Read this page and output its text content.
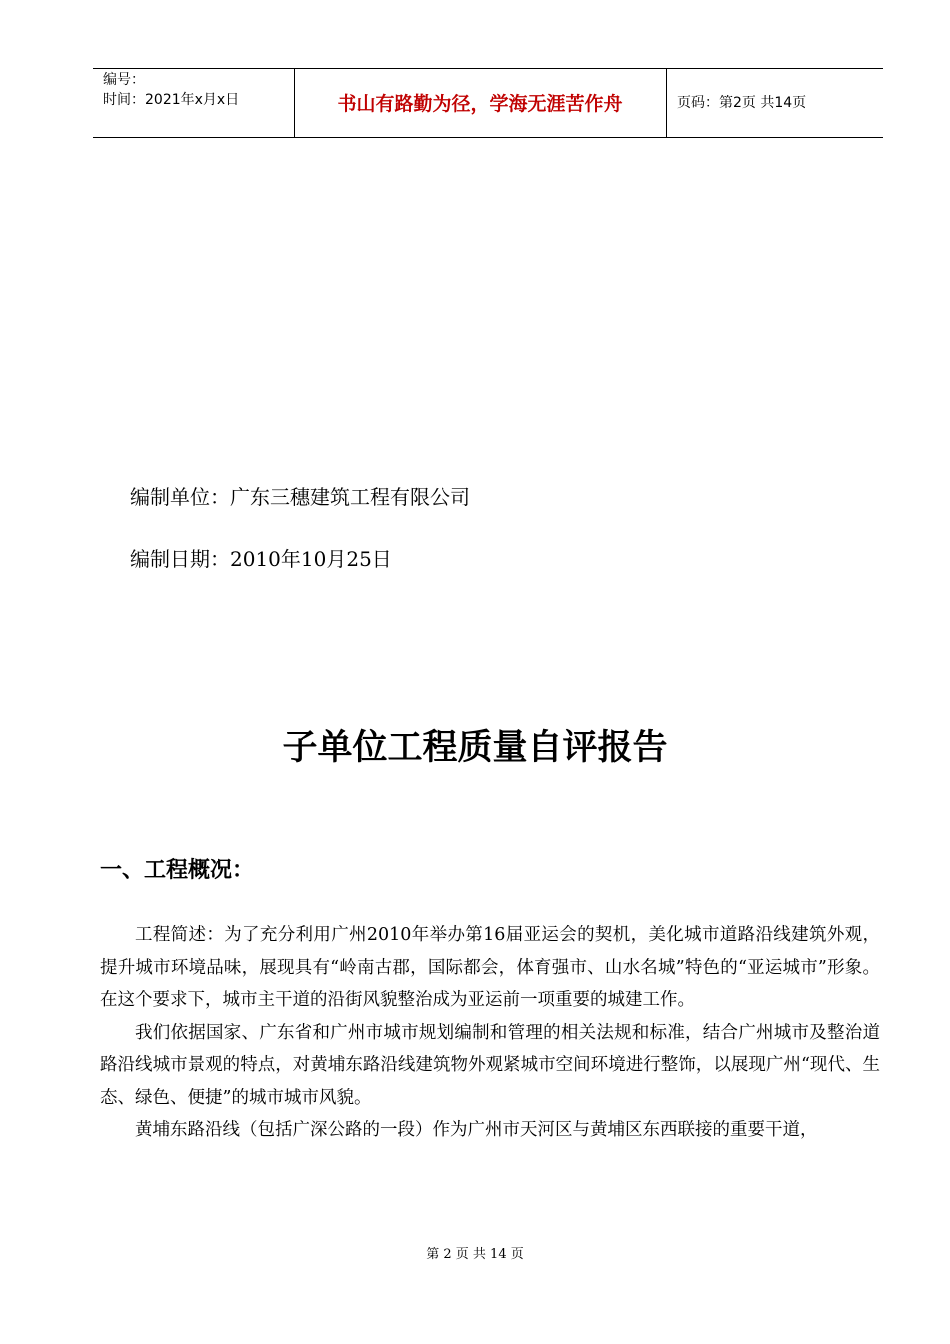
编号：
时间：2021年x月x日	书山有路勤为径，学海无涯苦作舟	页码：第2页 共14页
编制单位：广东三穗建筑工程有限公司
编制日期：2010年10月25日
子单位工程质量自评报告
一、工程概况：

工程简述：为了充分利用广州2010年举办第16届亚运会的契机，美化城市道路沿线建筑外观，提升城市环境品味，展现具有“岭南古郡，国际都会，体育强市、山水名城”特色的“亚运城市”形象。在这个要求下，城市主干道的沿街风貌整治成为亚运前一项重要的城建工作。

我们依据国家、广东省和广州市城市规划编制和管理的相关法规和标准，结合广州城市及整治道路沿线城市景观的特点，对黄埔东路沿线建筑物外观紧城市空间环境进行整饰，以展现广州“现代、生态、绿色、便捷”的城市城市风貌。

黄埔东路沿线（包括广深公路的一段）作为广州市天河区与黄埔区东西联接的重要干道，

第 2 页 共 14 页
